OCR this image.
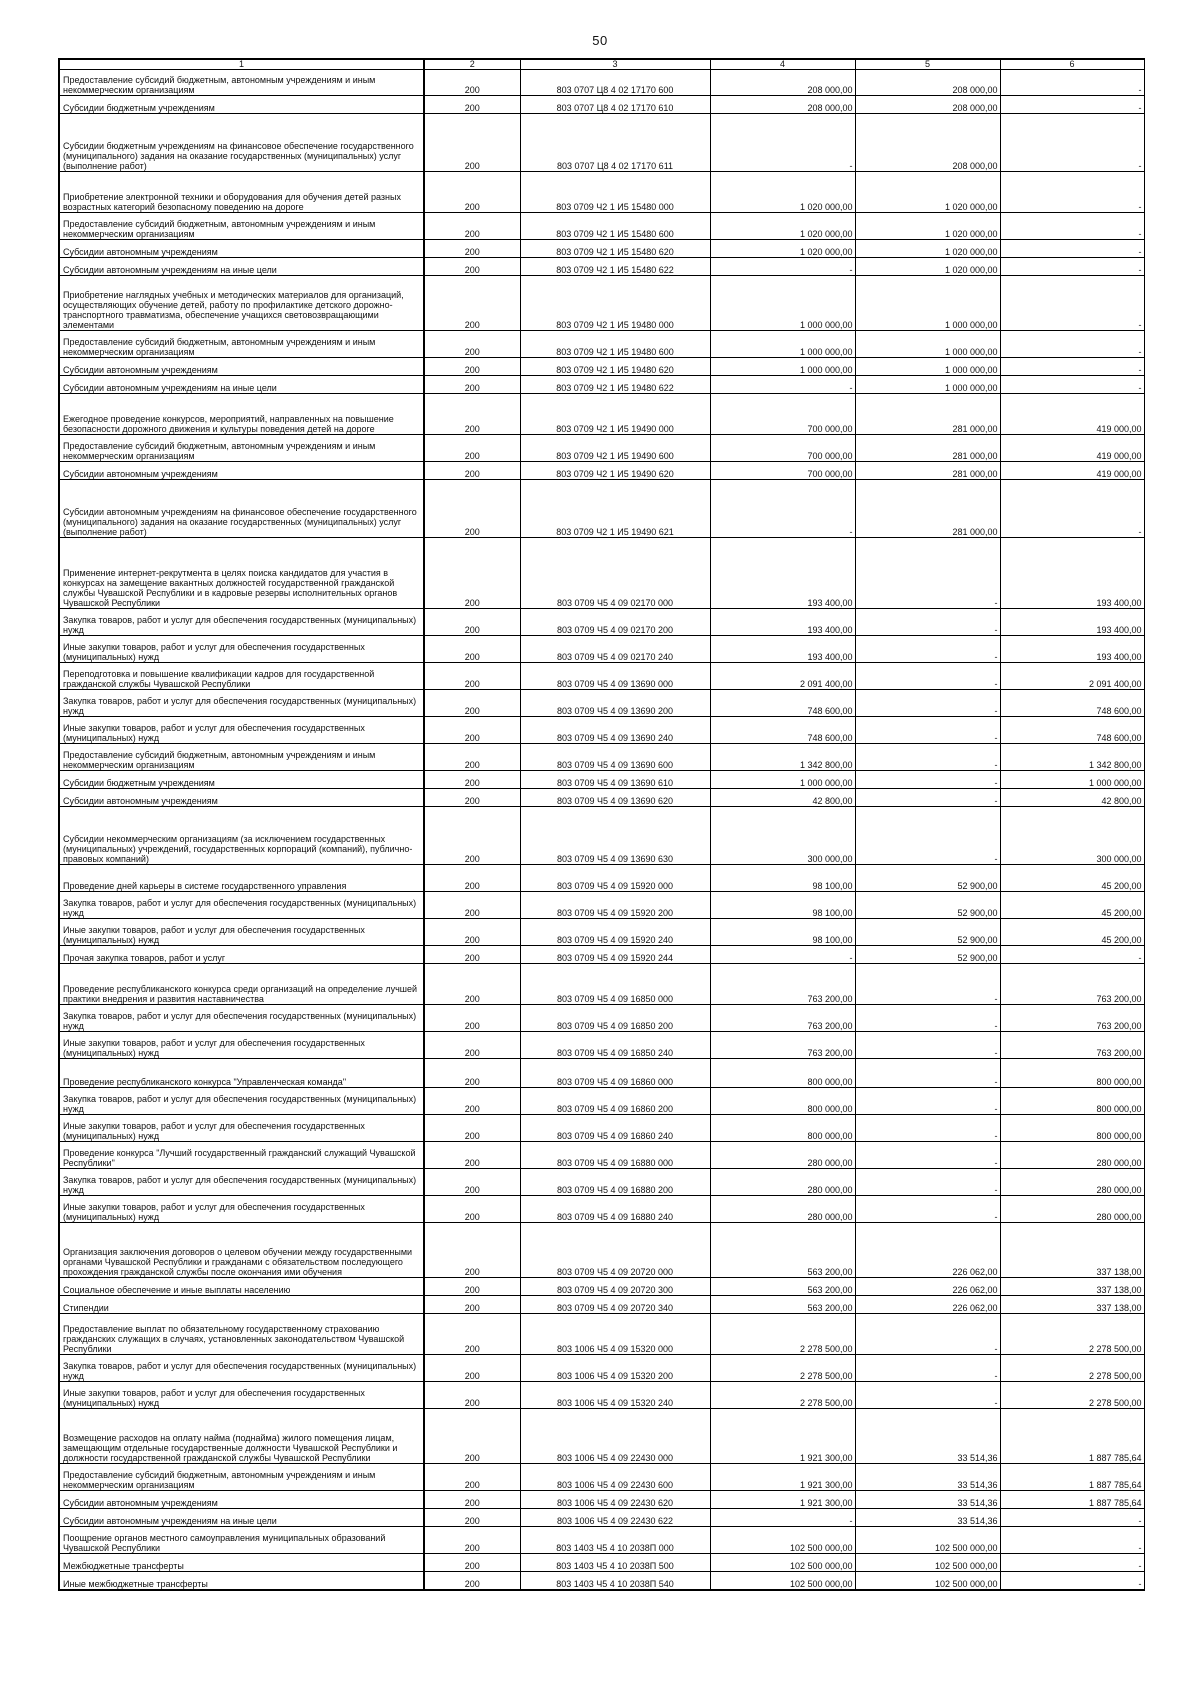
50
1	2	3	4	5	6
Предоставление субсидий бюджетным, автономным учреждениям и иным некоммерческим организациям	200	803 0707 Ц8 4 02 17170 600	208 000,00	208 000,00	-
Субсидии бюджетным учреждениям	200	803 0707 Ц8 4 02 17170 610	208 000,00	208 000,00	-
Субсидии бюджетным учреждениям на финансовое обеспечение государственного (муниципального) задания на оказание государственных (муниципальных) услуг (выполнение работ)	200	803 0707 Ц8 4 02 17170 611	-	208 000,00	-
Приобретение электронной техники и оборудования для обучения детей разных возрастных категорий безопасному поведению на дороге	200	803 0709 Ч2 1 И5 15480 000	1 020 000,00	1 020 000,00	-
Предоставление субсидий бюджетным, автономным учреждениям и иным некоммерческим организациям	200	803 0709 Ч2 1 И5 15480 600	1 020 000,00	1 020 000,00	-
Субсидии автономным учреждениям	200	803 0709 Ч2 1 И5 15480 620	1 020 000,00	1 020 000,00	-
Субсидии автономным учреждениям на иные цели	200	803 0709 Ч2 1 И5 15480 622	-	1 020 000,00	-
Приобретение наглядных учебных и методических материалов для организаций, осуществляющих обучение детей, работу по профилактике детского дорожно-транспортного травматизма, обеспечение учащихся световозвращающими элементами	200	803 0709 Ч2 1 И5 19480 000	1 000 000,00	1 000 000,00	-
Предоставление субсидий бюджетным, автономным учреждениям и иным некоммерческим организациям	200	803 0709 Ч2 1 И5 19480 600	1 000 000,00	1 000 000,00	-
Субсидии автономным учреждениям	200	803 0709 Ч2 1 И5 19480 620	1 000 000,00	1 000 000,00	-
Субсидии автономным учреждениям на иные цели	200	803 0709 Ч2 1 И5 19480 622	-	1 000 000,00	-
Ежегодное проведение конкурсов, мероприятий, направленных на повышение безопасности дорожного движения и культуры поведения детей на дороге	200	803 0709 Ч2 1 И5 19490 000	700 000,00	281 000,00	419 000,00
Предоставление субсидий бюджетным, автономным учреждениям и иным некоммерческим организациям	200	803 0709 Ч2 1 И5 19490 600	700 000,00	281 000,00	419 000,00
Субсидии автономным учреждениям	200	803 0709 Ч2 1 И5 19490 620	700 000,00	281 000,00	419 000,00
Субсидии автономным учреждениям на финансовое обеспечение государственного (муниципального) задания на оказание государственных (муниципальных) услуг (выполнение работ)	200	803 0709 Ч2 1 И5 19490 621	-	281 000,00	-
Применение интернет-рекрутмента в целях поиска кандидатов для участия в конкурсах на замещение вакантных должностей государственной гражданской службы Чувашской Республики и в кадровые резервы исполнительных органов Чувашской Республики	200	803 0709 Ч5 4 09 02170 000	193 400,00	-	193 400,00
Закупка товаров, работ и услуг для обеспечения государственных (муниципальных) нужд	200	803 0709 Ч5 4 09 02170 200	193 400,00	-	193 400,00
Иные закупки товаров, работ и услуг для обеспечения государственных (муниципальных) нужд	200	803 0709 Ч5 4 09 02170 240	193 400,00	-	193 400,00
Переподготовка и повышение квалификации кадров для государственной гражданской службы Чувашской Республики	200	803 0709 Ч5 4 09 13690 000	2 091 400,00	-	2 091 400,00
Закупка товаров, работ и услуг для обеспечения государственных (муниципальных) нужд	200	803 0709 Ч5 4 09 13690 200	748 600,00	-	748 600,00
Иные закупки товаров, работ и услуг для обеспечения государственных (муниципальных) нужд	200	803 0709 Ч5 4 09 13690 240	748 600,00	-	748 600,00
Предоставление субсидий бюджетным, автономным учреждениям и иным некоммерческим организациям	200	803 0709 Ч5 4 09 13690 600	1 342 800,00	-	1 342 800,00
Субсидии бюджетным учреждениям	200	803 0709 Ч5 4 09 13690 610	1 000 000,00	-	1 000 000,00
Субсидии автономным учреждениям	200	803 0709 Ч5 4 09 13690 620	42 800,00	-	42 800,00
Субсидии некоммерческим организациям (за исключением государственных (муниципальных) учреждений, государственных корпораций (компаний), публично-правовых компаний)	200	803 0709 Ч5 4 09 13690 630	300 000,00	-	300 000,00
Проведение дней карьеры в системе государственного управления	200	803 0709 Ч5 4 09 15920 000	98 100,00	52 900,00	45 200,00
Закупка товаров, работ и услуг для обеспечения государственных (муниципальных) нужд	200	803 0709 Ч5 4 09 15920 200	98 100,00	52 900,00	45 200,00
Иные закупки товаров, работ и услуг для обеспечения государственных (муниципальных) нужд	200	803 0709 Ч5 4 09 15920 240	98 100,00	52 900,00	45 200,00
Прочая закупка товаров, работ и услуг	200	803 0709 Ч5 4 09 15920 244	-	52 900,00	-
Проведение республиканского конкурса среди организаций на определение лучшей практики внедрения и развития наставничества	200	803 0709 Ч5 4 09 16850 000	763 200,00	-	763 200,00
Закупка товаров, работ и услуг для обеспечения государственных (муниципальных) нужд	200	803 0709 Ч5 4 09 16850 200	763 200,00	-	763 200,00
Иные закупки товаров, работ и услуг для обеспечения государственных (муниципальных) нужд	200	803 0709 Ч5 4 09 16850 240	763 200,00	-	763 200,00
Проведение республиканского конкурса "Управленческая команда"	200	803 0709 Ч5 4 09 16860 000	800 000,00	-	800 000,00
Закупка товаров, работ и услуг для обеспечения государственных (муниципальных) нужд	200	803 0709 Ч5 4 09 16860 200	800 000,00	-	800 000,00
Иные закупки товаров, работ и услуг для обеспечения государственных (муниципальных) нужд	200	803 0709 Ч5 4 09 16860 240	800 000,00	-	800 000,00
Проведение конкурса "Лучший государственный гражданский служащий Чувашской Республики"	200	803 0709 Ч5 4 09 16880 000	280 000,00	-	280 000,00
Закупка товаров, работ и услуг для обеспечения государственных (муниципальных) нужд	200	803 0709 Ч5 4 09 16880 200	280 000,00	-	280 000,00
Иные закупки товаров, работ и услуг для обеспечения государственных (муниципальных) нужд	200	803 0709 Ч5 4 09 16880 240	280 000,00	-	280 000,00
Организация заключения договоров о целевом обучении между государственными органами Чувашской Республики и гражданами с обязательством последующего прохождения гражданской службы после окончания ими обучения	200	803 0709 Ч5 4 09 20720 000	563 200,00	226 062,00	337 138,00
Социальное обеспечение и иные выплаты населению	200	803 0709 Ч5 4 09 20720 300	563 200,00	226 062,00	337 138,00
Стипендии	200	803 0709 Ч5 4 09 20720 340	563 200,00	226 062,00	337 138,00
Предоставление выплат по обязательному государственному страхованию гражданских служащих в случаях, установленных законодательством Чувашской Республики	200	803 1006 Ч5 4 09 15320 000	2 278 500,00	-	2 278 500,00
Закупка товаров, работ и услуг для обеспечения государственных (муниципальных) нужд	200	803 1006 Ч5 4 09 15320 200	2 278 500,00	-	2 278 500,00
Иные закупки товаров, работ и услуг для обеспечения государственных (муниципальных) нужд	200	803 1006 Ч5 4 09 15320 240	2 278 500,00	-	2 278 500,00
Возмещение расходов на оплату найма (поднайма) жилого помещения лицам, замещающим отдельные государственные должности Чувашской Республики и должности государственной гражданской службы Чувашской Республики	200	803 1006 Ч5 4 09 22430 000	1 921 300,00	33 514,36	1 887 785,64
Предоставление субсидий бюджетным, автономным учреждениям и иным некоммерческим организациям	200	803 1006 Ч5 4 09 22430 600	1 921 300,00	33 514,36	1 887 785,64
Субсидии автономным учреждениям	200	803 1006 Ч5 4 09 22430 620	1 921 300,00	33 514,36	1 887 785,64
Субсидии автономным учреждениям на иные цели	200	803 1006 Ч5 4 09 22430 622	-	33 514,36	-
Поощрение органов местного самоуправления муниципальных образований Чувашской Республики	200	803 1403 Ч5 4 10 2038П 000	102 500 000,00	102 500 000,00	-
Межбюджетные трансферты	200	803 1403 Ч5 4 10 2038П 500	102 500 000,00	102 500 000,00	-
Иные межбюджетные трансферты	200	803 1403 Ч5 4 10 2038П 540	102 500 000,00	102 500 000,00	-
